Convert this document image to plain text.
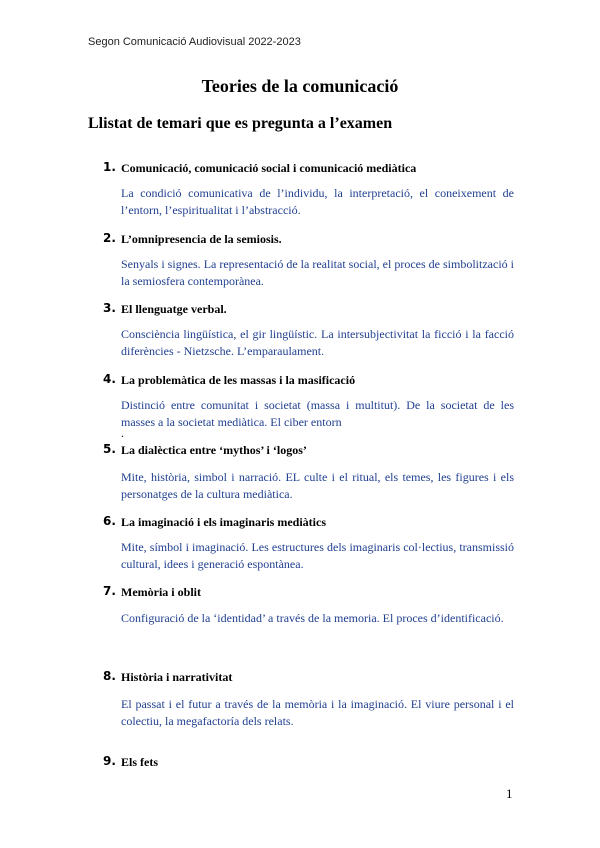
Segon Comunicació Audiovisual 2022-2023
Teories de la comunicació
Llistat de temari que es pregunta a l’examen
1. Comunicació, comunicació social i comunicació mediàtica
La condició comunicativa de l’individu, la interpretació, el coneixement de l’entorn, l’espiritualitat i l’abstracció.
2. L’omnipresencia de la semiosis.
Senyals i signes. La representació de la realitat social, el proces de simbolització i la semiosfera contemporànea.
3. El llenguatge verbal.
Consciència lingüística, el gir lingüístic. La intersubjectivitat la ficció i la facció diferències - Nietzsche. L’emparaulament.
4. La problemàtica de les massas i la masificació
Distinció entre comunitat i societat (massa i multitut). De la societat de les masses a la societat mediàtica. El ciber entorn
.
5. La dialèctica entre ‘mythos’ i ‘logos’
Mite, història, simbol i narració. EL culte i el ritual, els temes, les figures i els personatges de la cultura mediàtica.
6. La imaginació i els imaginaris mediàtics
Mite, símbol i imaginació. Les estructures dels imaginaris col·lectius, transmissió cultural, idees i generació espontànea.
7. Memòria i oblit
Configuració de la ‘identidad’ a través de la memoria. El proces d’identificació.
8. Història i narrativitat
El passat i el futur a través de la memòria i la imaginació. El viure personal i el colectiu, la megafactoría dels relats.
9. Els fets
1
